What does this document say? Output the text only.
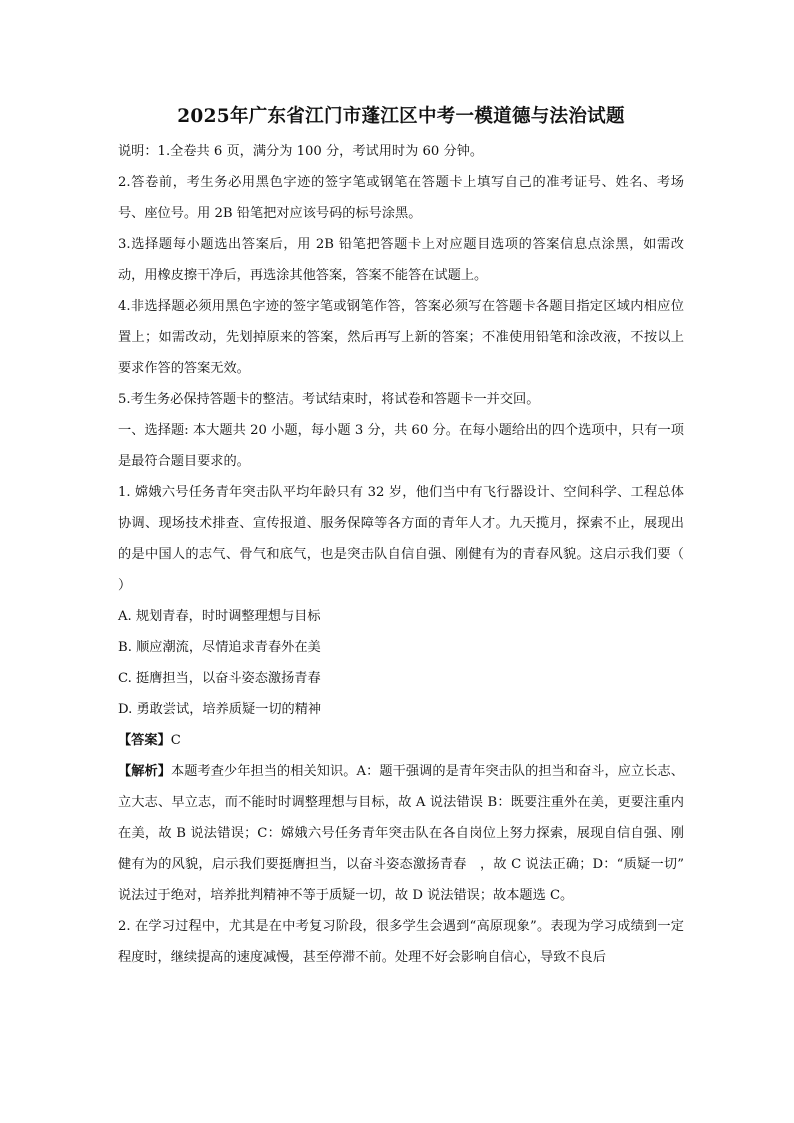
2025年广东省江门市蓬江区中考一模道德与法治试题

说明：1.全卷共 6 页，满分为 100 分，考试用时为 60 分钟。

2.答卷前，考生务必用黑色字迹的签字笔或钢笔在答题卡上填写自己的准考证号、姓名、考场号、座位号。用 2B 铅笔把对应该号码的标号涂黑。

3.选择题每小题选出答案后，用 2B 铅笔把答题卡上对应题目选项的答案信息点涂黑，如需改动，用橡皮擦干净后，再选涂其他答案，答案不能答在试题上。

4.非选择题必须用黑色字迹的签字笔或钢笔作答，答案必须写在答题卡各题目指定区域内相应位置上；如需改动，先划掉原来的答案，然后再写上新的答案；不准使用铅笔和涂改液，不按以上要求作答的答案无效。

5.考生务必保持答题卡的整洁。考试结束时，将试卷和答题卡一并交回。

一、选择题: 本大题共 20 小题，每小题 3 分，共 60 分。在每小题给出的四个选项中，只有一项是最符合题目要求的。

1. 嫦娥六号任务青年突击队平均年龄只有 32 岁，他们当中有飞行器设计、空间科学、工程总体协调、现场技术排查、宣传报道、服务保障等各方面的青年人才。九天揽月，探索不止，展现出的是中国人的志气、骨气和底气，也是突击队自信自强、刚健有为的青春风貌。这启示我们要（　　）

A. 规划青春，时时调整理想与目标

B. 顺应潮流，尽情追求青春外在美

C. 挺膺担当，以奋斗姿态激扬青春

D. 勇敢尝试，培养质疑一切的精神

【答案】C

【解析】本题考查少年担当的相关知识。A：题干强调的是青年突击队的担当和奋斗，应立长志、立大志、早立志，而不能时时调整理想与目标，故 A 说法错误 B：既要注重外在美，更要注重内在美，故 B 说法错误；C：嫦娥六号任务青年突击队在各自岗位上努力探索，展现自信自强、刚健有为的风貌，启示我们要挺膺担当，以奋斗姿态激扬青春　，故 C 说法正确；D：“质疑一切” 说法过于绝对，培养批判精神不等于质疑一切，故 D 说法错误；故本题选 C。

2. 在学习过程中，尤其是在中考复习阶段，很多学生会遇到“高原现象”。表现为学习成绩到一定程度时，继续提高的速度减慢，甚至停滞不前。处理不好会影响自信心，导致不良后
